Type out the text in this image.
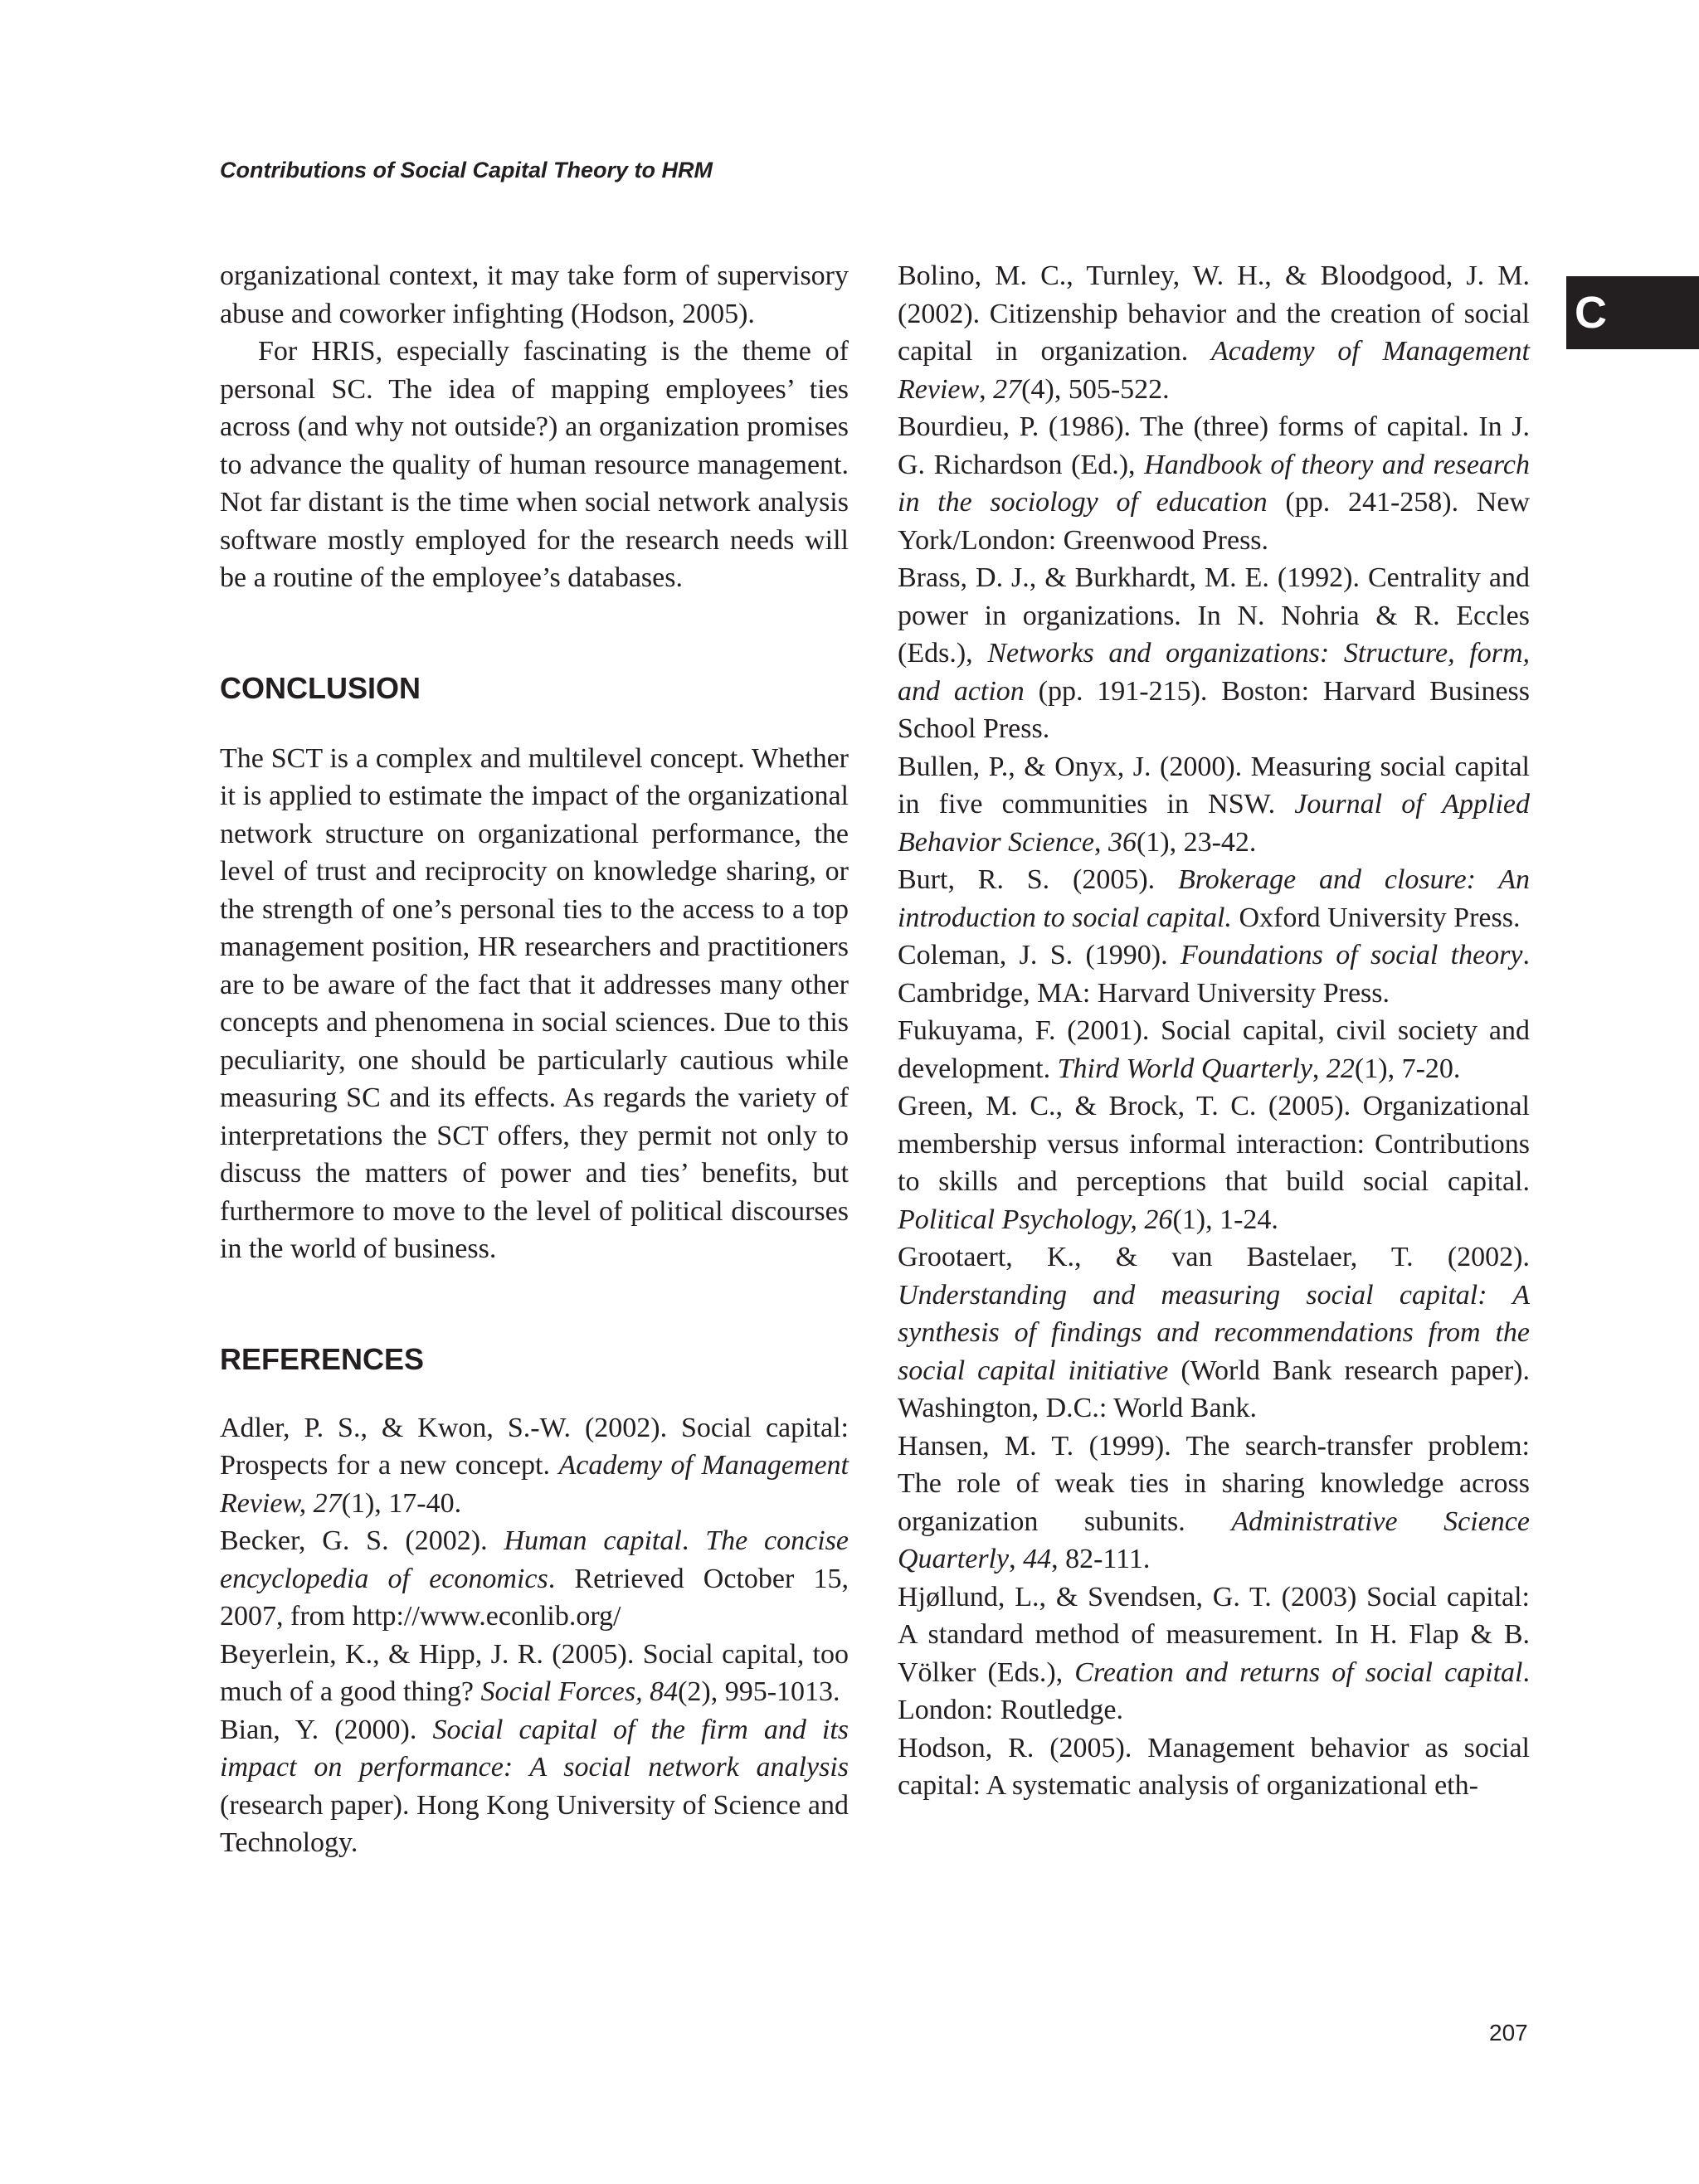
Contributions of Social Capital Theory to HRM
C

organizational context, it may take form of supervisory abuse and coworker infighting (Hodson, 2005).

For HRIS, especially fascinating is the theme of personal SC. The idea of mapping employees’ ties across (and why not outside?) an organization promises to advance the quality of human resource management. Not far distant is the time when social network analysis software mostly employed for the research needs will be a routine of the employee’s databases.

CONCLUSION

The SCT is a complex and multilevel concept. Whether it is applied to estimate the impact of the organizational network structure on organizational performance, the level of trust and reciprocity on knowledge sharing, or the strength of one’s personal ties to the access to a top management position, HR researchers and practitioners are to be aware of the fact that it addresses many other concepts and phenomena in social sciences. Due to this peculiarity, one should be particularly cautious while measuring SC and its effects. As regards the variety of interpretations the SCT offers, they permit not only to discuss the matters of power and ties’ benefits, but furthermore to move to the level of political discourses in the world of business.

REFERENCES

Adler, P. S., & Kwon, S.-W. (2002). Social capital: Prospects for a new concept. Academy of Management Review, 27(1), 17-40.

Becker, G. S. (2002). Human capital. The concise encyclopedia of economics. Retrieved October 15, 2007, from http://www.econlib.org/

Beyerlein, K., & Hipp, J. R. (2005). Social capital, too much of a good thing? Social Forces, 84(2), 995-1013.

Bian, Y. (2000). Social capital of the firm and its impact on performance: A social network analysis (research paper). Hong Kong University of Science and Technology.

Bolino, M. C., Turnley, W. H., & Bloodgood, J. M. (2002). Citizenship behavior and the creation of social capital in organization. Academy of Management Review, 27(4), 505-522.

Bourdieu, P. (1986). The (three) forms of capital. In J. G. Richardson (Ed.), Handbook of theory and research in the sociology of education (pp. 241-258). New York/London: Greenwood Press.

Brass, D. J., & Burkhardt, M. E. (1992). Centrality and power in organizations. In N. Nohria & R. Eccles (Eds.), Networks and organizations: Structure, form, and action (pp. 191-215). Boston: Harvard Business School Press.

Bullen, P., & Onyx, J. (2000). Measuring social capital in five communities in NSW. Journal of Applied Behavior Science, 36(1), 23-42.

Burt, R. S. (2005). Brokerage and closure: An introduction to social capital. Oxford University Press.

Coleman, J. S. (1990). Foundations of social theory. Cambridge, MA: Harvard University Press.

Fukuyama, F. (2001). Social capital, civil society and development. Third World Quarterly, 22(1), 7-20.

Green, M. C., & Brock, T. C. (2005). Organizational membership versus informal interaction: Contributions to skills and perceptions that build social capital. Political Psychology, 26(1), 1-24.

Grootaert, K., & van Bastelaer, T. (2002). Understanding and measuring social capital: A synthesis of findings and recommendations from the social capital initiative (World Bank research paper). Washington, D.C.: World Bank.

Hansen, M. T. (1999). The search-transfer problem: The role of weak ties in sharing knowledge across organization subunits. Administrative Science Quarterly, 44, 82-111.

Hjøllund, L., & Svendsen, G. T. (2003) Social capital: A standard method of measurement. In H. Flap & B. Völker (Eds.), Creation and returns of social capital. London: Routledge.

Hodson, R. (2005). Management behavior as social capital: A systematic analysis of organizational eth-

207
